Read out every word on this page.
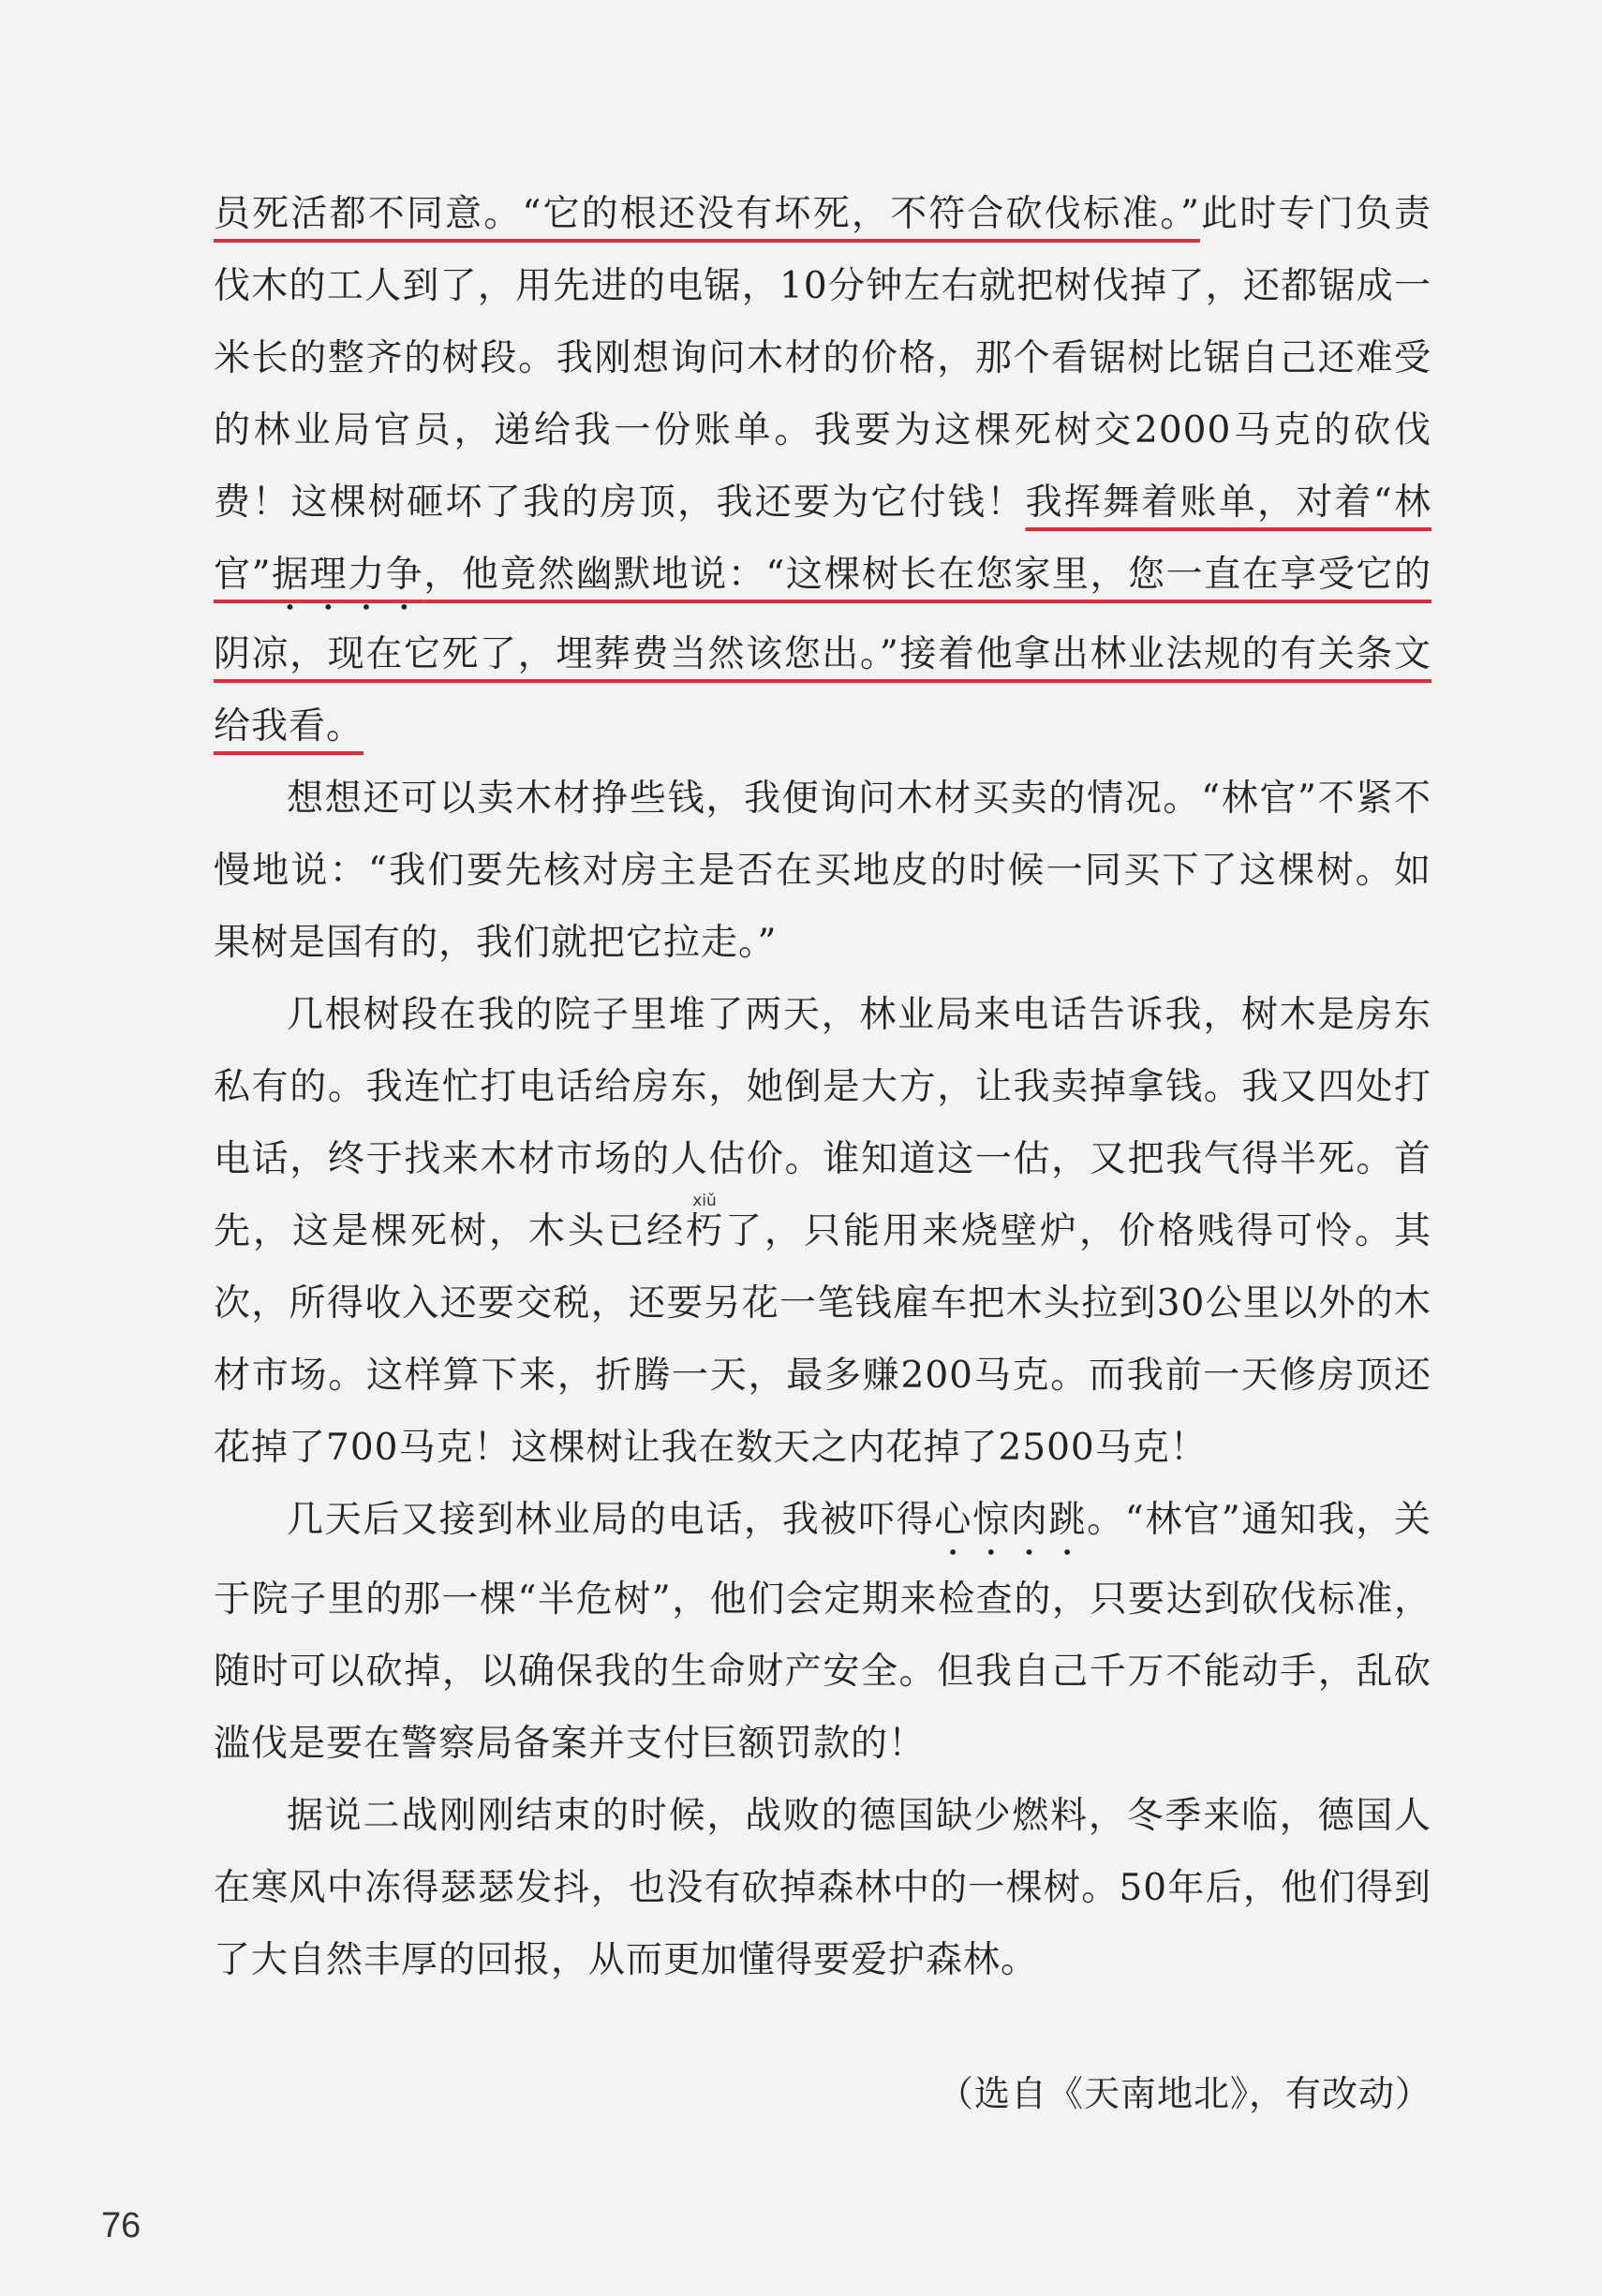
员死活都不同意。“它的根还没有坏死，不符合砍伐标准。”此时专门负责伐木的工人到了，用先进的电锯，10分钟左右就把树伐掉了，还都锯成一米长的整齐的树段。我刚想询问木材的价格，那个看锯树比锯自己还难受的林业局官员，递给我一份账单。我要为这棵死树交2000马克的砍伐费！这棵树砸坏了我的房顶，我还要为它付钱！我挥舞着账单，对着“林官”据理力争，他竟然幽默地说：“这棵树长在您家里，您一直在享受它的阴凉，现在它死了，埋葬费当然该您出。”接着他拿出林业法规的有关条文给我看。

想想还可以卖木材挣些钱，我便询问木材买卖的情况。“林官”不紧不慢地说：“我们要先核对房主是否在买地皮的时候一同买下了这棵树。如果树是国有的，我们就把它拉走。”

几根树段在我的院子里堆了两天，林业局来电话告诉我，树木是房东私有的。我连忙打电话给房东，她倒是大方，让我卖掉拿钱。我又四处打电话，终于找来木材市场的人估价。谁知道这一估，又把我气得半死。首先，这是棵死树，木头已经朽xiǔ了，只能用来烧壁炉，价格贱得可怜。其次，所得收入还要交税，还要另花一笔钱雇车把木头拉到30公里以外的木材市场。这样算下来，折腾一天，最多赚200马克。而我前一天修房顶还花掉了700马克！这棵树让我在数天之内花掉了2500马克！

几天后又接到林业局的电话，我被吓得心惊肉跳。“林官”通知我，关于院子里的那一棵“半危树”，他们会定期来检查的，只要达到砍伐标准，随时可以砍掉，以确保我的生命财产安全。但我自己千万不能动手，乱砍滥伐是要在警察局备案并支付巨额罚款的！

据说二战刚刚结束的时候，战败的德国缺少燃料，冬季来临，德国人在寒风中冻得瑟瑟发抖，也没有砍掉森林中的一棵树。50年后，他们得到了大自然丰厚的回报，从而更加懂得要爱护森林。

（选自《天南地北》，有改动）

76
